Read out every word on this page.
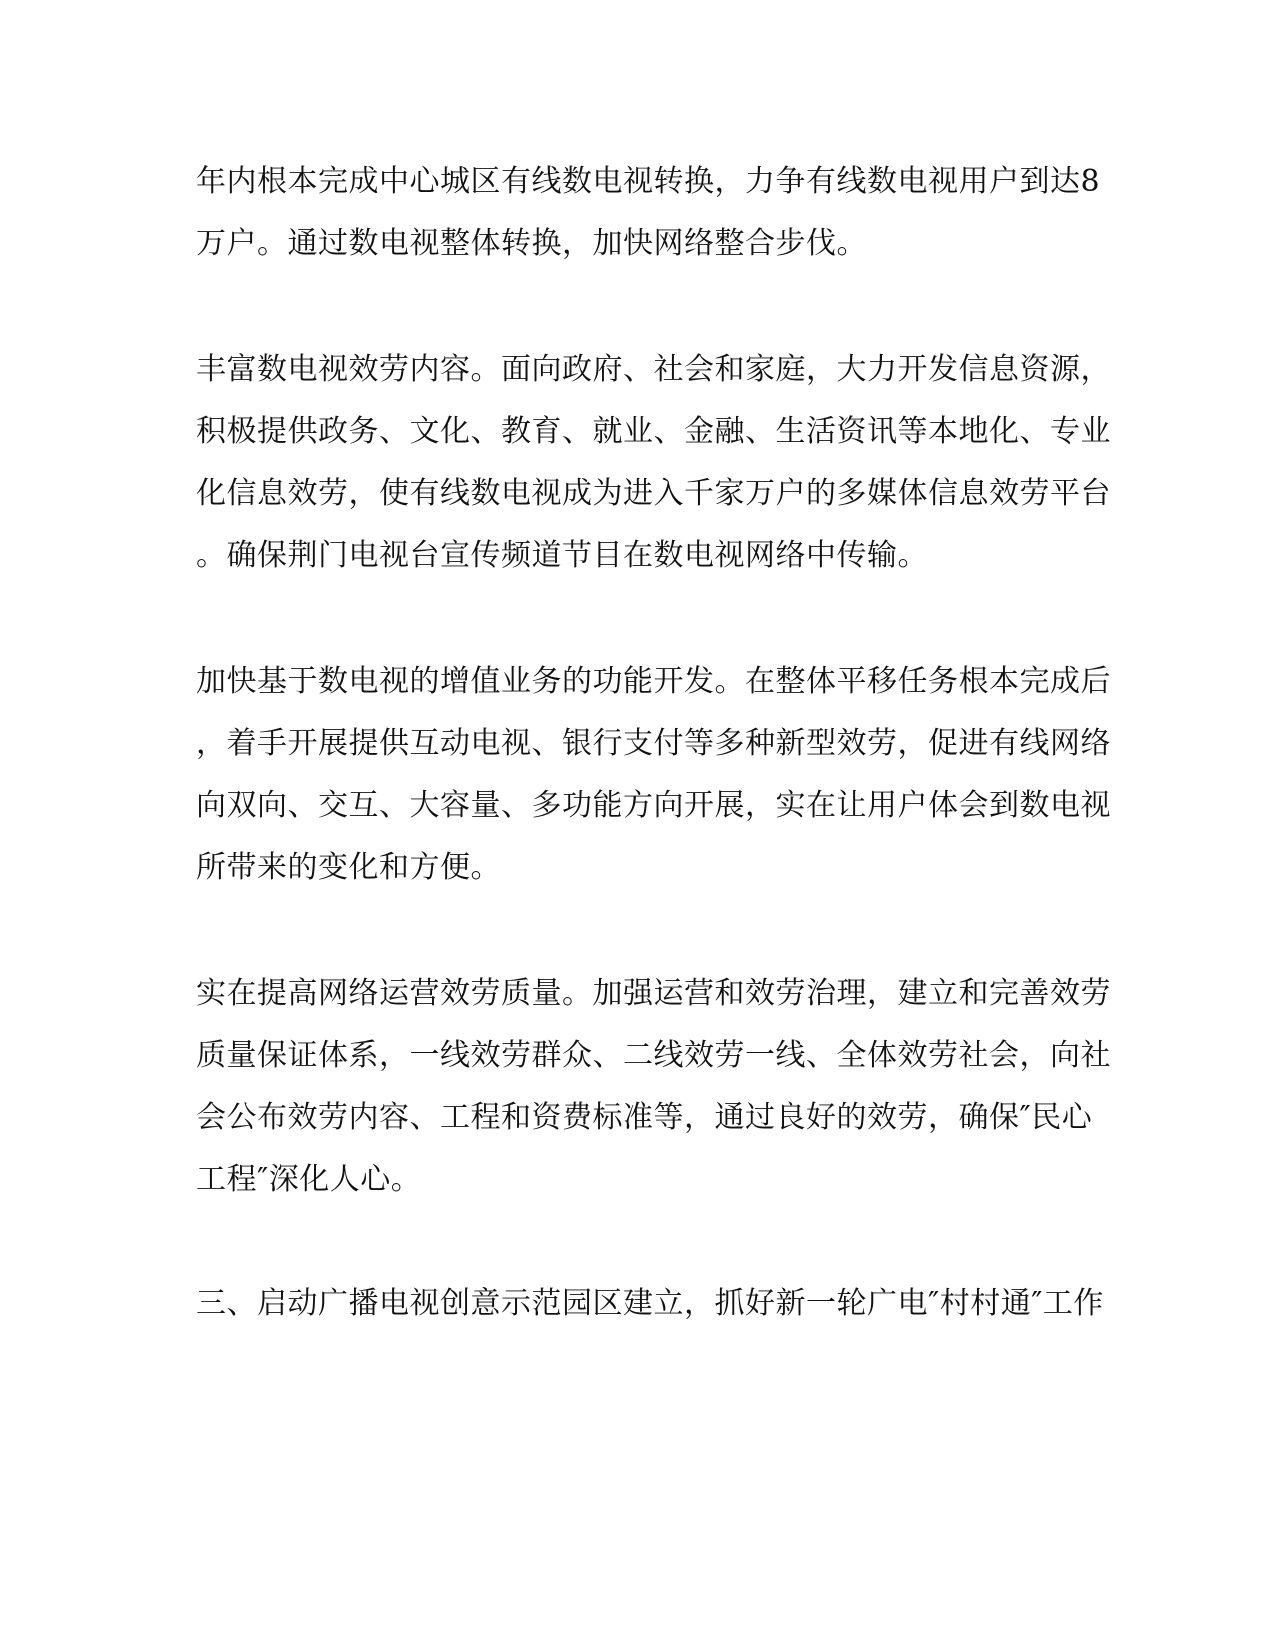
年内根本完成中心城区有线数电视转换，力争有线数电视用户到达8
万户。通过数电视整体转换，加快网络整合步伐。
丰富数电视效劳内容。面向政府、社会和家庭，大力开发信息资源，
积极提供政务、文化、教育、就业、金融、生活资讯等本地化、专业
化信息效劳，使有线数电视成为进入千家万户的多媒体信息效劳平台
。确保荆门电视台宣传频道节目在数电视网络中传输。
加快基于数电视的增值业务的功能开发。在整体平移任务根本完成后
，着手开展提供互动电视、银行支付等多种新型效劳，促进有线网络
向双向、交互、大容量、多功能方向开展，实在让用户体会到数电视
所带来的变化和方便。
实在提高网络运营效劳质量。加强运营和效劳治理，建立和完善效劳
质量保证体系，一线效劳群众、二线效劳一线、全体效劳社会，向社
会公布效劳内容、工程和资费标准等，通过良好的效劳，确保″民心
工程″深化人心。
三、启动广播电视创意示范园区建立，抓好新一轮广电″村村通″工作
